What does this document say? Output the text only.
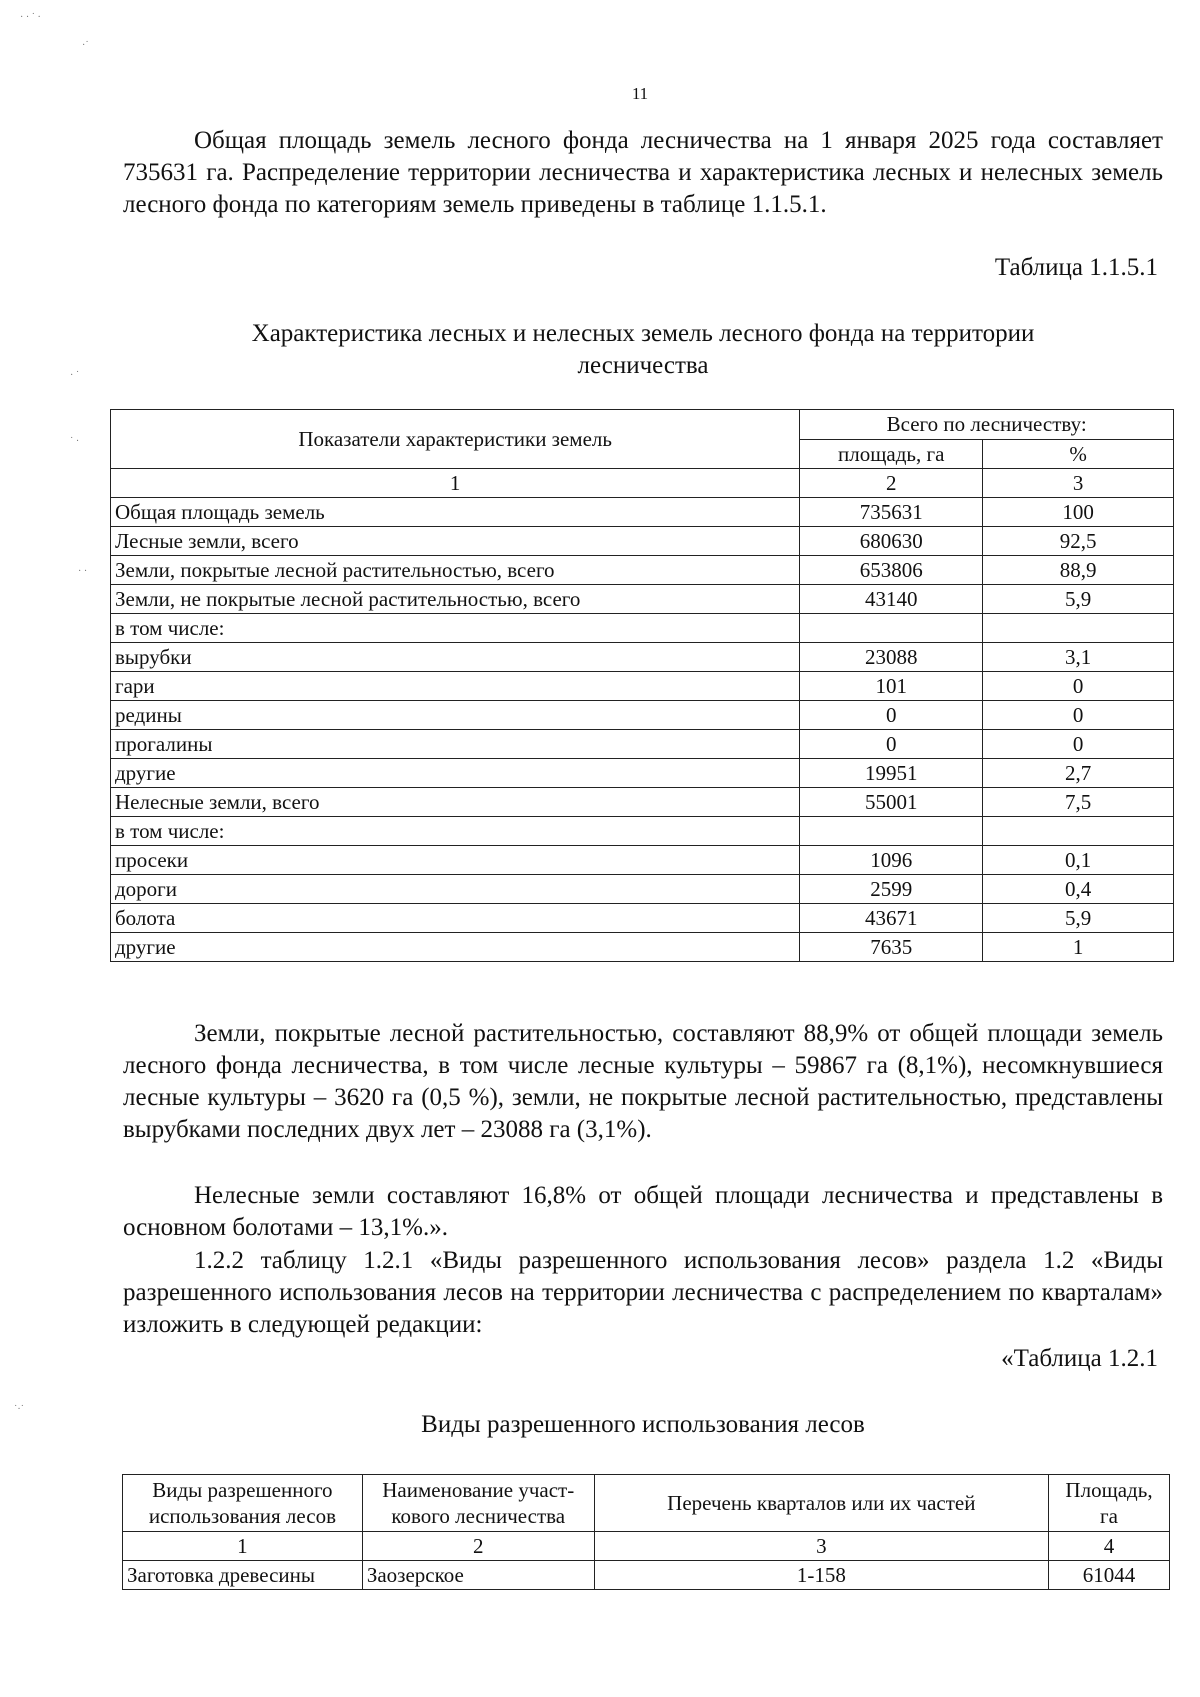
11

Общая площадь земель лесного фонда лесничества на 1 января 2025 года составляет 735631 га. Распределение территории лесничества и характеристика лесных и нелесных земель лесного фонда по категориям земель приведены в таблице 1.1.5.1.

Таблица 1.1.5.1
Характеристика лесных и нелесных земель лесного фонда на территории
лесничества
Показатели характеристики земель	Всего по лесничеству:	
	площадь, га	%
1	2	3
Общая площадь земель	735631	100
Лесные земли, всего	680630	92,5
Земли, покрытые лесной растительностью, всего	653806	88,9
Земли, не покрытые лесной растительностью, всего	43140	5,9
в том числе:		
вырубки	23088	3,1
гари	101	0
редины	0	0
прогалины	0	0
другие	19951	2,7
Нелесные земли, всего	55001	7,5
в том числе:		
просеки	1096	0,1
дороги	2599	0,4
болота	43671	5,9
другие	7635	1

Земли, покрытые лесной растительностью, составляют 88,9% от общей площади земель лесного фонда лесничества, в том числе лесные культуры – 59867 га (8,1%), несомкнувшиеся лесные культуры – 3620 га (0,5 %), земли, не покрытые лесной растительностью, представлены вырубками последних двух лет – 23088 га (3,1%).

Нелесные земли составляют 16,8% от общей площади лесничества и представлены в основном болотами – 13,1%.».

1.2.2 таблицу 1.2.1 «Виды разрешенного использования лесов» раздела 1.2 «Виды разрешенного использования лесов на территории лесничества с распределением по кварталам» изложить в следующей редакции:

«Таблица 1.2.1
Виды разрешенного использования лесов
Виды разрешенного
использования лесов	Наименование участ-
кового лесничества	Перечень кварталов или их частей	Площадь,
га
1	2	3	4
Заготовка древесины	Заозерское	1-158	61044
· · ˙ ·
·˙
· ˙
˙ ·
· ·
˙·˙
